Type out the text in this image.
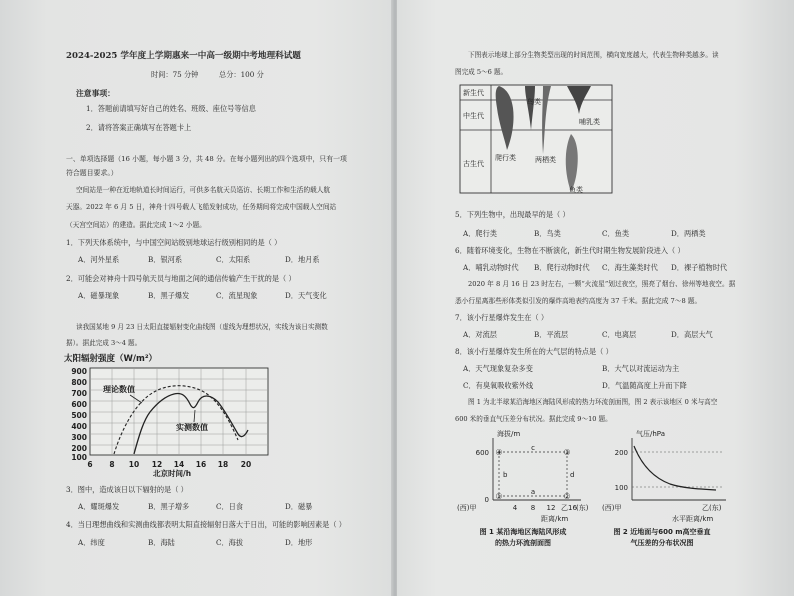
2024-2025 学年度上学期惠来一中高一级期中考地理科试题
时间：75 分钟	总分：100 分
注意事项：
1．答题前请填写好自己的姓名、班级、座位号等信息
2．请将答案正确填写在答题卡上
一、单项选择题（16 小题，每小题 3 分，共 48 分。在每小题列出的四个选项中，只有一项
符合题目要求。）
空间站是一种在近地轨道长时间运行，可供多名航天员巡访、长期工作和生活的载人航
天器。2022 年 6 月 5 日，神舟十四号载人飞船发射成功，任务期间将完成中国载人空间站
（天宫空间站）的建造。据此完成 1～2 小题。
1．下列天体系统中，与中国空间站级别地球运行级别相同的是（ ）
A．河外星系	B．银河系	C．太阳系	D．地月系
2．可能会对神舟十四号航天员与地面之间的通信传输产生干扰的是（ ）
A．磁暴现象	B．黑子爆发	C．流星现象	D．天气变化
读我国某地 9 月 23 日太阳直接辐射变化曲线图（虚线为理想状况，实线为该日实测数
据）。据此完成 3～4 题。
太阳辐射强度（W/m²）
900
800
700
600
500
400
300
200
100
6 8 10 12 14 16 18 20
北京时间/h
理论数值
实测数值
3．图中，造成该日以下辐射的是（ ）
A．耀斑爆发	B．黑子增多	C．日食	D．磁暴
4．当日理想曲线和实测曲线都表明太阳直接辐射日落大于日出，可能的影响因素是（ ）
A．纬度	B．海陆	C．海拔	D．地形
下图表示地球上部分生物类型出现的时间范围，横向宽度越大，代表生物种类越多。读
图完成 5～6 题。
新生代
中生代
古生代
鸟类
哺乳类
爬行类	两栖类
鱼类
5．下列生物中，出现最早的是（ ）
A．爬行类	B．鸟类	C．鱼类	D．两栖类
6．随着环境变化，生物在不断演化，新生代时期生物发展阶段进入（ ）
A．哺乳动物时代 B．爬行动物时代 C．海生藻类时代 D．裸子植物时代
2020 年 8 月 16 日 23 时左右，一颗“火流星”划过夜空，照亮了烟台、徐州等地夜空。据
悉小行星离那些形体类似引发的爆炸高地表约高度为 37 千米。据此完成 7～8 题。
7．该小行星爆炸发生在（ ）
A．对流层	B．平流层	C．电离层	D．高层大气
8．该小行星爆炸发生所在的大气层的特点是（ ）
A．天气现象复杂多变	B．大气以对流运动为主
C．有臭氧吸收紫外线	D．气温随高度上升而下降
图 1 为北半球某沿海地区海陆风形成的热力环流剖面图，图 2 表示该地区 0 米与高空
600 米的垂直气压差分布状况。据此完成 9～10 题。
海拔/m
600
0
④	③
①	②
c
a
b	d
(西)甲	4 8 12 乙 16 (东)
距离/km
图 1 某沿海地区海陆风形成
的热力环流剖面图
气压/hPa
200
100
(西)甲	乙(东)
水平距离/km
图 2 近地面与600 m高空垂直
气压差的分布状况图
